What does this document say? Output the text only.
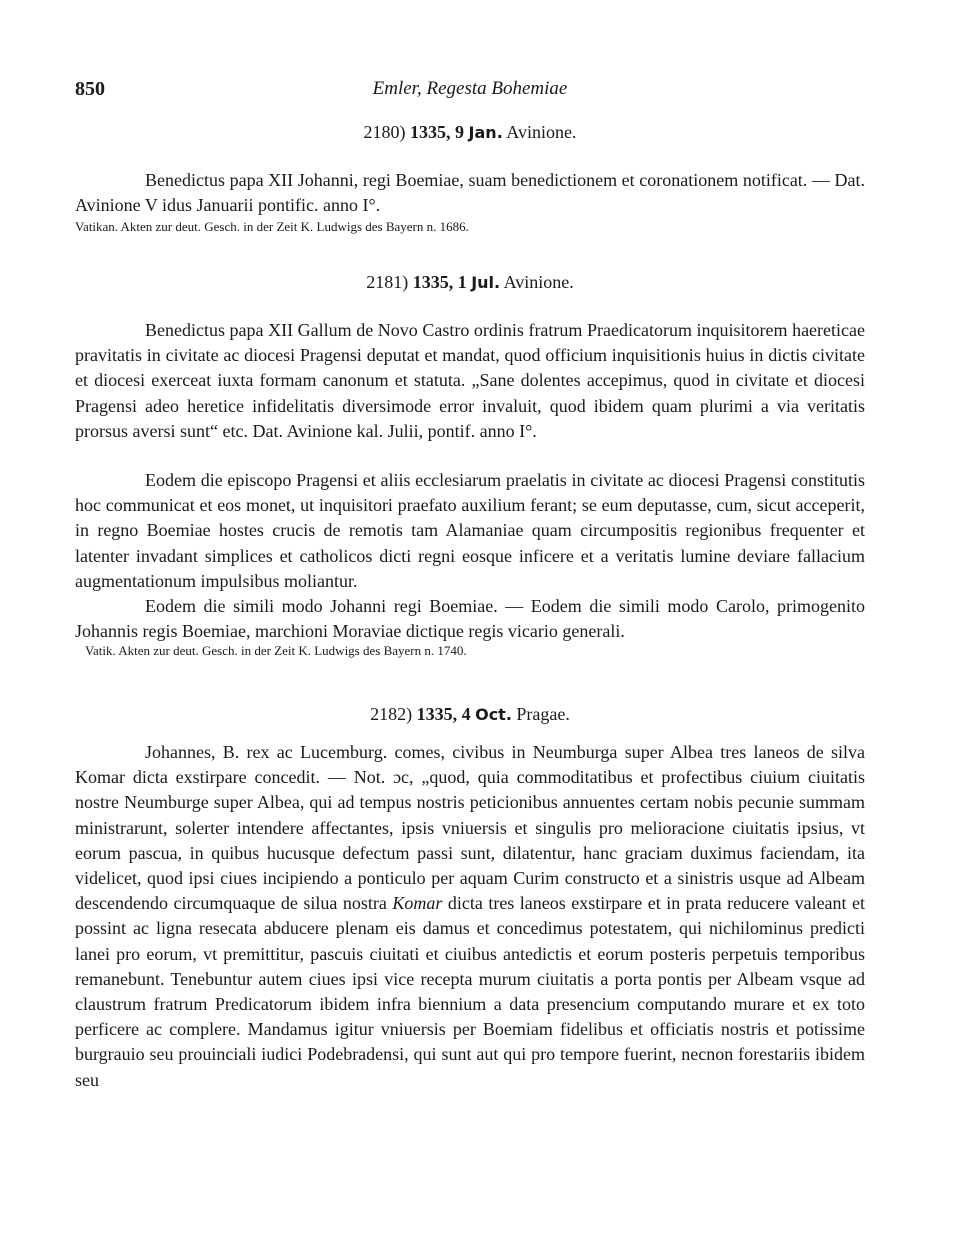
850	Emler, Regesta Bohemiae
2180) 1335, 9 Jan. Avinione.

Benedictus papa XII Johanni, regi Boemiae, suam benedictionem et coronationem notificat. — Dat. Avinione V idus Januarii pontific. anno I°.

Vatikan. Akten zur deut. Gesch. in der Zeit K. Ludwigs des Bayern n. 1686.

2181) 1335, 1 Jul. Avinione.

Benedictus papa XII Gallum de Novo Castro ordinis fratrum Praedicatorum inquisitorem haereticae pravitatis in civitate ac diocesi Pragensi deputat et mandat, quod officium inquisitionis huius in dictis civitate et diocesi exerceat iuxta formam canonum et statuta. „Sane dolentes accepimus, quod in civitate et diocesi Pragensi adeo heretice infidelitatis diversimode error invaluit, quod ibidem quam plurimi a via veritatis prorsus aversi sunt“ etc. Dat. Avinione kal. Julii, pontif. anno I°.

Eodem die episcopo Pragensi et aliis ecclesiarum praelatis in civitate ac diocesi Pragensi constitutis hoc communicat et eos monet, ut inquisitori praefato auxilium ferant; se eum deputasse, cum, sicut acceperit, in regno Boemiae hostes crucis de remotis tam Alamaniae quam circumpositis regionibus frequenter et latenter invadant simplices et catholicos dicti regni eosque inficere et a veritatis lumine deviare fallacium augmentationum impulsibus moliantur.

Eodem die simili modo Johanni regi Boemiae. — Eodem die simili modo Carolo, primogenito Johannis regis Boemiae, marchioni Moraviae dictique regis vicario generali.

Vatik. Akten zur deut. Gesch. in der Zeit K. Ludwigs des Bayern n. 1740.

2182) 1335, 4 Oct. Pragae.

Johannes, B. rex ac Lucemburg. comes, civibus in Neumburga super Albea tres laneos de silva Komar dicta exstirpare concedit. — Not. ɔc, „quod, quia commoditatibus et profectibus ciuium ciuitatis nostre Neumburge super Albea, qui ad tempus nostris peticionibus annuentes certam nobis pecunie summam ministrarunt, solerter intendere affectantes, ipsis vniuersis et singulis pro melioracione ciuitatis ipsius, vt eorum pascua, in quibus hucusque defectum passi sunt, dilatentur, hanc graciam duximus faciendam, ita videlicet, quod ipsi ciues incipiendo a ponticulo per aquam Curim constructo et a sinistris usque ad Albeam descendendo circumquaque de silua nostra Komar dicta tres laneos exstirpare et in prata reducere valeant et possint ac ligna resecata abducere plenam eis damus et concedimus potestatem, qui nichilominus predicti lanei pro eorum, vt premittitur, pascuis ciuitati et ciuibus antedictis et eorum posteris perpetuis temporibus remanebunt. Tenebuntur autem ciues ipsi vice recepta murum ciuitatis a porta pontis per Albeam vsque ad claustrum fratrum Predicatorum ibidem infra biennium a data presencium computando murare et ex toto perficere ac complere. Mandamus igitur vniuersis per Boemiam fidelibus et officiatis nostris et potissime burgrauio seu prouinciali iudici Podebradensi, qui sunt aut qui pro tempore fuerint, necnon forestariis ibidem seu
